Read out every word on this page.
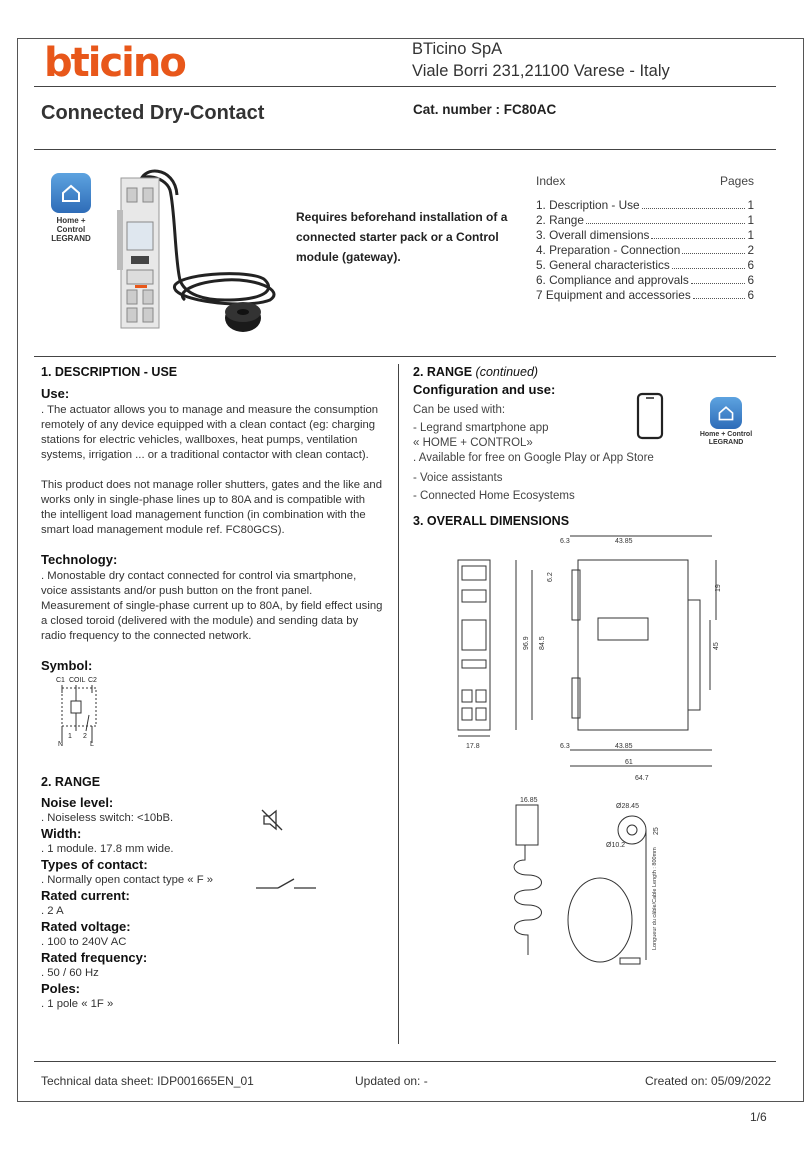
bticino	BTicino SpA
Viale Borri 231,21100 Varese - Italy
Connected Dry-Contact	Cat. number : FC80AC
Home + Control
LEGRAND
Requires beforehand installation of a connected starter pack or a Control module (gateway).
Index	Pages
1. Description - Use	1
2. Range	1
3. Overall dimensions	1
4. Preparation - Connection	2
5. General characteristics	6
6. Compliance and approvals	6
7 Equipment and accessories	6
1. DESCRIPTION - USE
Use:
. The actuator allows you to manage and measure the consumption remotely of any device equipped with a clean contact (eg: charging stations for electric vehicles, wallboxes, heat pumps, ventilation systems, irrigation ... or a traditional contactor with clean contact).
This product does not manage roller shutters, gates and the like and works only in single-phase lines up to 80A and is compatible with the intelligent load management function (in combination with the smart load management module ref. FC80GCS).
Technology:
. Monostable dry contact connected for control via smartphone, voice assistants and/or push button on the front panel. Measurement of single-phase current up to 80A, by field effect using a closed toroid (delivered with the module) and sending data by radio frequency to the connected network.
Symbol:
C1 COIL C2
1 2
N	L
2. RANGE
Noise level:
. Noiseless switch: <10bB.
Width:
. 1 module. 17.8 mm wide.
Types of contact:
. Normally open contact type « F »
Rated current:
. 2 A
Rated voltage:
. 100 to 240V AC
Rated frequency:
. 50 / 60 Hz
Poles:
. 1 pole « 1F »
2. RANGE (continued)
Configuration and use:
Can be used with:
- Legrand smartphone app
« HOME + CONTROL»
. Available for free on Google Play or App Store
- Voice assistants
- Connected Home Ecosystems
Home + Control
LEGRAND
3. OVERALL DIMENSIONS
6.3	43.85
6.2
19
96.9 84.5	45
17.8	6.3	43.85
61
64.7
16.85
Ø28.45
Ø10.2
25
Longueur du câble/Cable Length : 800mm
Technical data sheet: IDP001665EN_01	Updated on: -	Created on: 05/09/2022
1/6
